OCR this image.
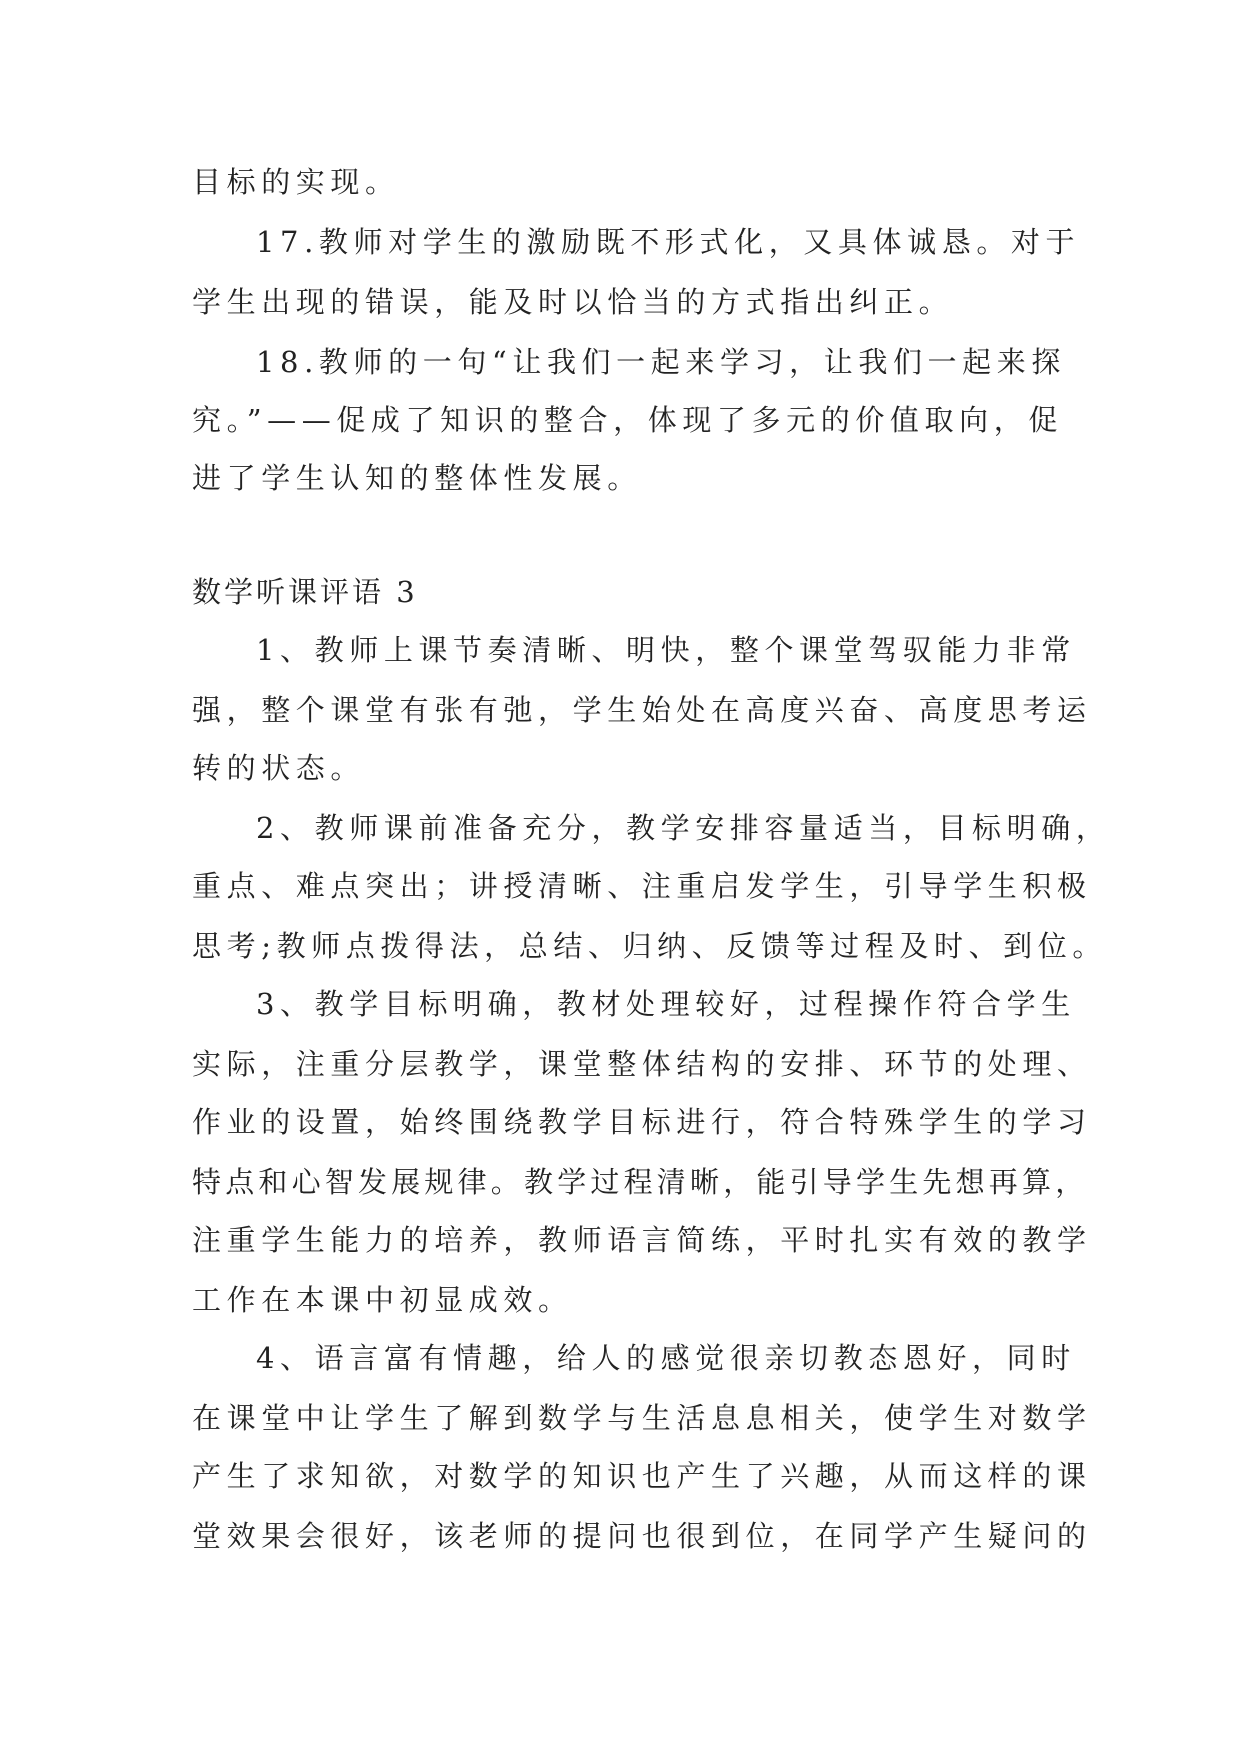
目标的实现。

17.教师对学生的激励既不形式化，又具体诚恳。对于

学生出现的错误，能及时以恰当的方式指出纠正。

18.教师的一句“让我们一起来学习，让我们一起来探

究。”——促成了知识的整合，体现了多元的价值取向，促

进了学生认知的整体性发展。

数学听课评语 3

1、教师上课节奏清晰、明快，整个课堂驾驭能力非常

强，整个课堂有张有弛，学生始处在高度兴奋、高度思考运

转的状态。

2、教师课前准备充分，教学安排容量适当，目标明确，

重点、难点突出；讲授清晰、注重启发学生，引导学生积极

思考;教师点拨得法，总结、归纳、反馈等过程及时、到位。

3、教学目标明确，教材处理较好，过程操作符合学生

实际，注重分层教学，课堂整体结构的安排、环节的处理、

作业的设置，始终围绕教学目标进行，符合特殊学生的学习

特点和心智发展规律。教学过程清晰，能引导学生先想再算，

注重学生能力的培养，教师语言简练，平时扎实有效的教学

工作在本课中初显成效。

4、语言富有情趣，给人的感觉很亲切教态恩好，同时

在课堂中让学生了解到数学与生活息息相关，使学生对数学

产生了求知欲，对数学的知识也产生了兴趣，从而这样的课

堂效果会很好，该老师的提问也很到位，在同学产生疑问的
